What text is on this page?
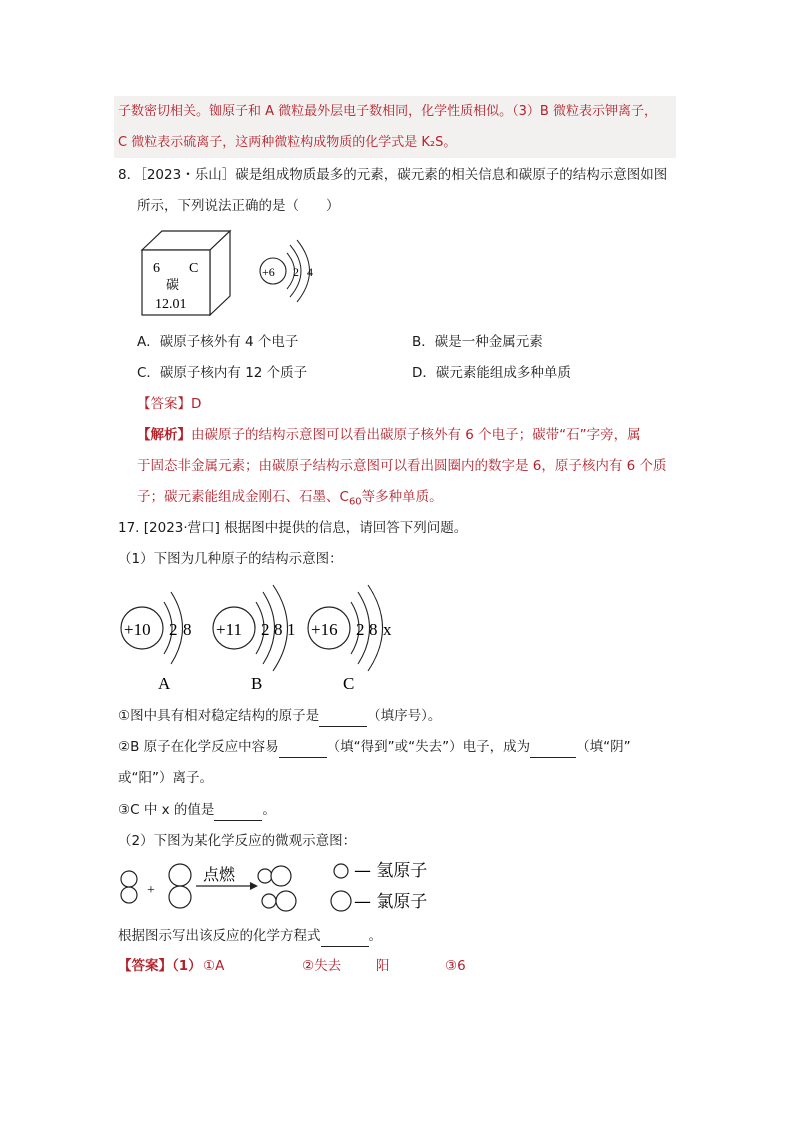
子数密切相关。铷原子和 A 微粒最外层电子数相同，化学性质相似。（3）B 微粒表示钾离子，
C 微粒表示硫离子，这两种微粒构成物质的化学式是 K₂S。
8．［2023・乐山］碳是组成物质最多的元素，碳元素的相关信息和碳原子的结构示意图如图
所示，下列说法正确的是（　　）
6 C
碳
12.01
+6 2 4
A．碳原子核外有 4 个电子	B．碳是一种金属元素
C．碳原子核内有 12 个质子	D．碳元素能组成多种单质
【答案】D
【解析】由碳原子的结构示意图可以看出碳原子核外有 6 个电子；碳带“石”字旁，属
于固态非金属元素；由碳原子结构示意图可以看出圆圈内的数字是 6，原子核内有 6 个质
子；碳元素能组成金刚石、石墨、$C_{60}$等多种单质。
17. [2023·营口] 根据图中提供的信息，请回答下列问题。
（1）下图为几种原子的结构示意图：
+10 2 8
A
+11 2 8 1
B
+16 2 8 x
C
①图中具有相对稳定结构的原子是	（填序号）。
②B 原子在化学反应中容易	（填“得到”或“失去”）电子，成为	（填“阴”
或“阳”）离子。
③C 中 x 的值是	。
（2）下图为某化学反应的微观示意图：
+
点燃	— 氢原子
— 氯原子
根据图示写出该反应的化学方程式	。
【答案】（1） ①A	②失去	阳	③6
